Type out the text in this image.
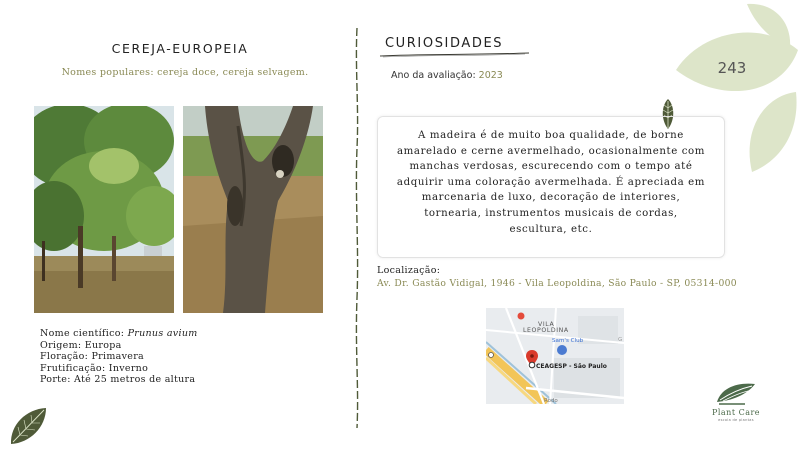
CEREJA-EUROPEIA
Nomes populares: cereja doce, cereja selvagem.
Nome científico: Prunus avium
Origem: Europa
Floração: Primavera
Frutificação: Inverno
Porte: Até 25 metros de altura
CURIOSIDADES
Ano da avaliação: 2023
A madeira é de muito boa qualidade, de borne amarelado e cerne avermelhado, ocasionalmente com manchas verdosas, escurecendo com o tempo até adquirir uma coloração avermelhada. É apreciada em marcenaria de luxo, decoração de interiores, tornearia, instrumentos musicais de cordas, escultura, etc.
Localização:
Av. Dr. Gastão Vidigal, 1946 - Vila Leopoldina, São Paulo - SP, 05314-000
VILA
LEOPOLDINA
Sam's Club
CEAGESP - São Paulo
Rodo
G
243
Plant Care
escola de plantas
